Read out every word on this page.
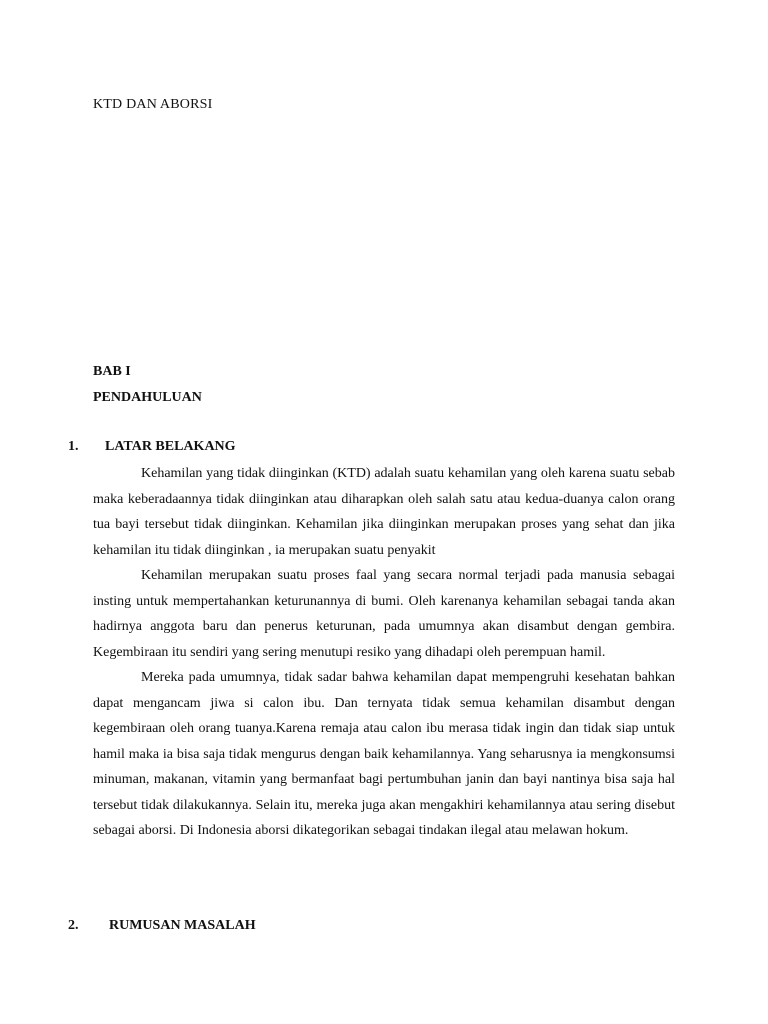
KTD DAN ABORSI
BAB I
PENDAHULUAN
1. LATAR BELAKANG

Kehamilan yang tidak diinginkan (KTD) adalah suatu kehamilan yang oleh karena suatu sebab maka keberadaannya tidak diinginkan atau diharapkan oleh salah satu atau kedua-duanya calon orang tua bayi tersebut tidak diinginkan. Kehamilan jika diinginkan merupakan proses yang sehat dan jika kehamilan itu tidak diinginkan , ia merupakan suatu penyakit

Kehamilan merupakan suatu proses faal yang secara normal terjadi pada manusia sebagai insting untuk mempertahankan keturunannya di bumi. Oleh karenanya kehamilan sebagai tanda akan hadirnya anggota baru dan penerus keturunan, pada umumnya akan disambut dengan gembira. Kegembiraan itu sendiri yang sering menutupi resiko yang dihadapi oleh perempuan hamil.

Mereka pada umumnya, tidak sadar bahwa kehamilan dapat mempengruhi kesehatan bahkan dapat mengancam jiwa si calon ibu. Dan ternyata tidak semua kehamilan disambut dengan kegembiraan oleh orang tuanya.Karena remaja atau calon ibu merasa tidak ingin dan tidak siap untuk hamil maka ia bisa saja tidak mengurus dengan baik kehamilannya. Yang seharusnya ia mengkonsumsi minuman, makanan, vitamin yang bermanfaat bagi pertumbuhan janin dan bayi nantinya bisa saja hal tersebut tidak dilakukannya. Selain itu, mereka juga akan mengakhiri kehamilannya atau sering disebut sebagai aborsi. Di Indonesia aborsi dikategorikan sebagai tindakan ilegal atau melawan hokum.

2. RUMUSAN MASALAH
